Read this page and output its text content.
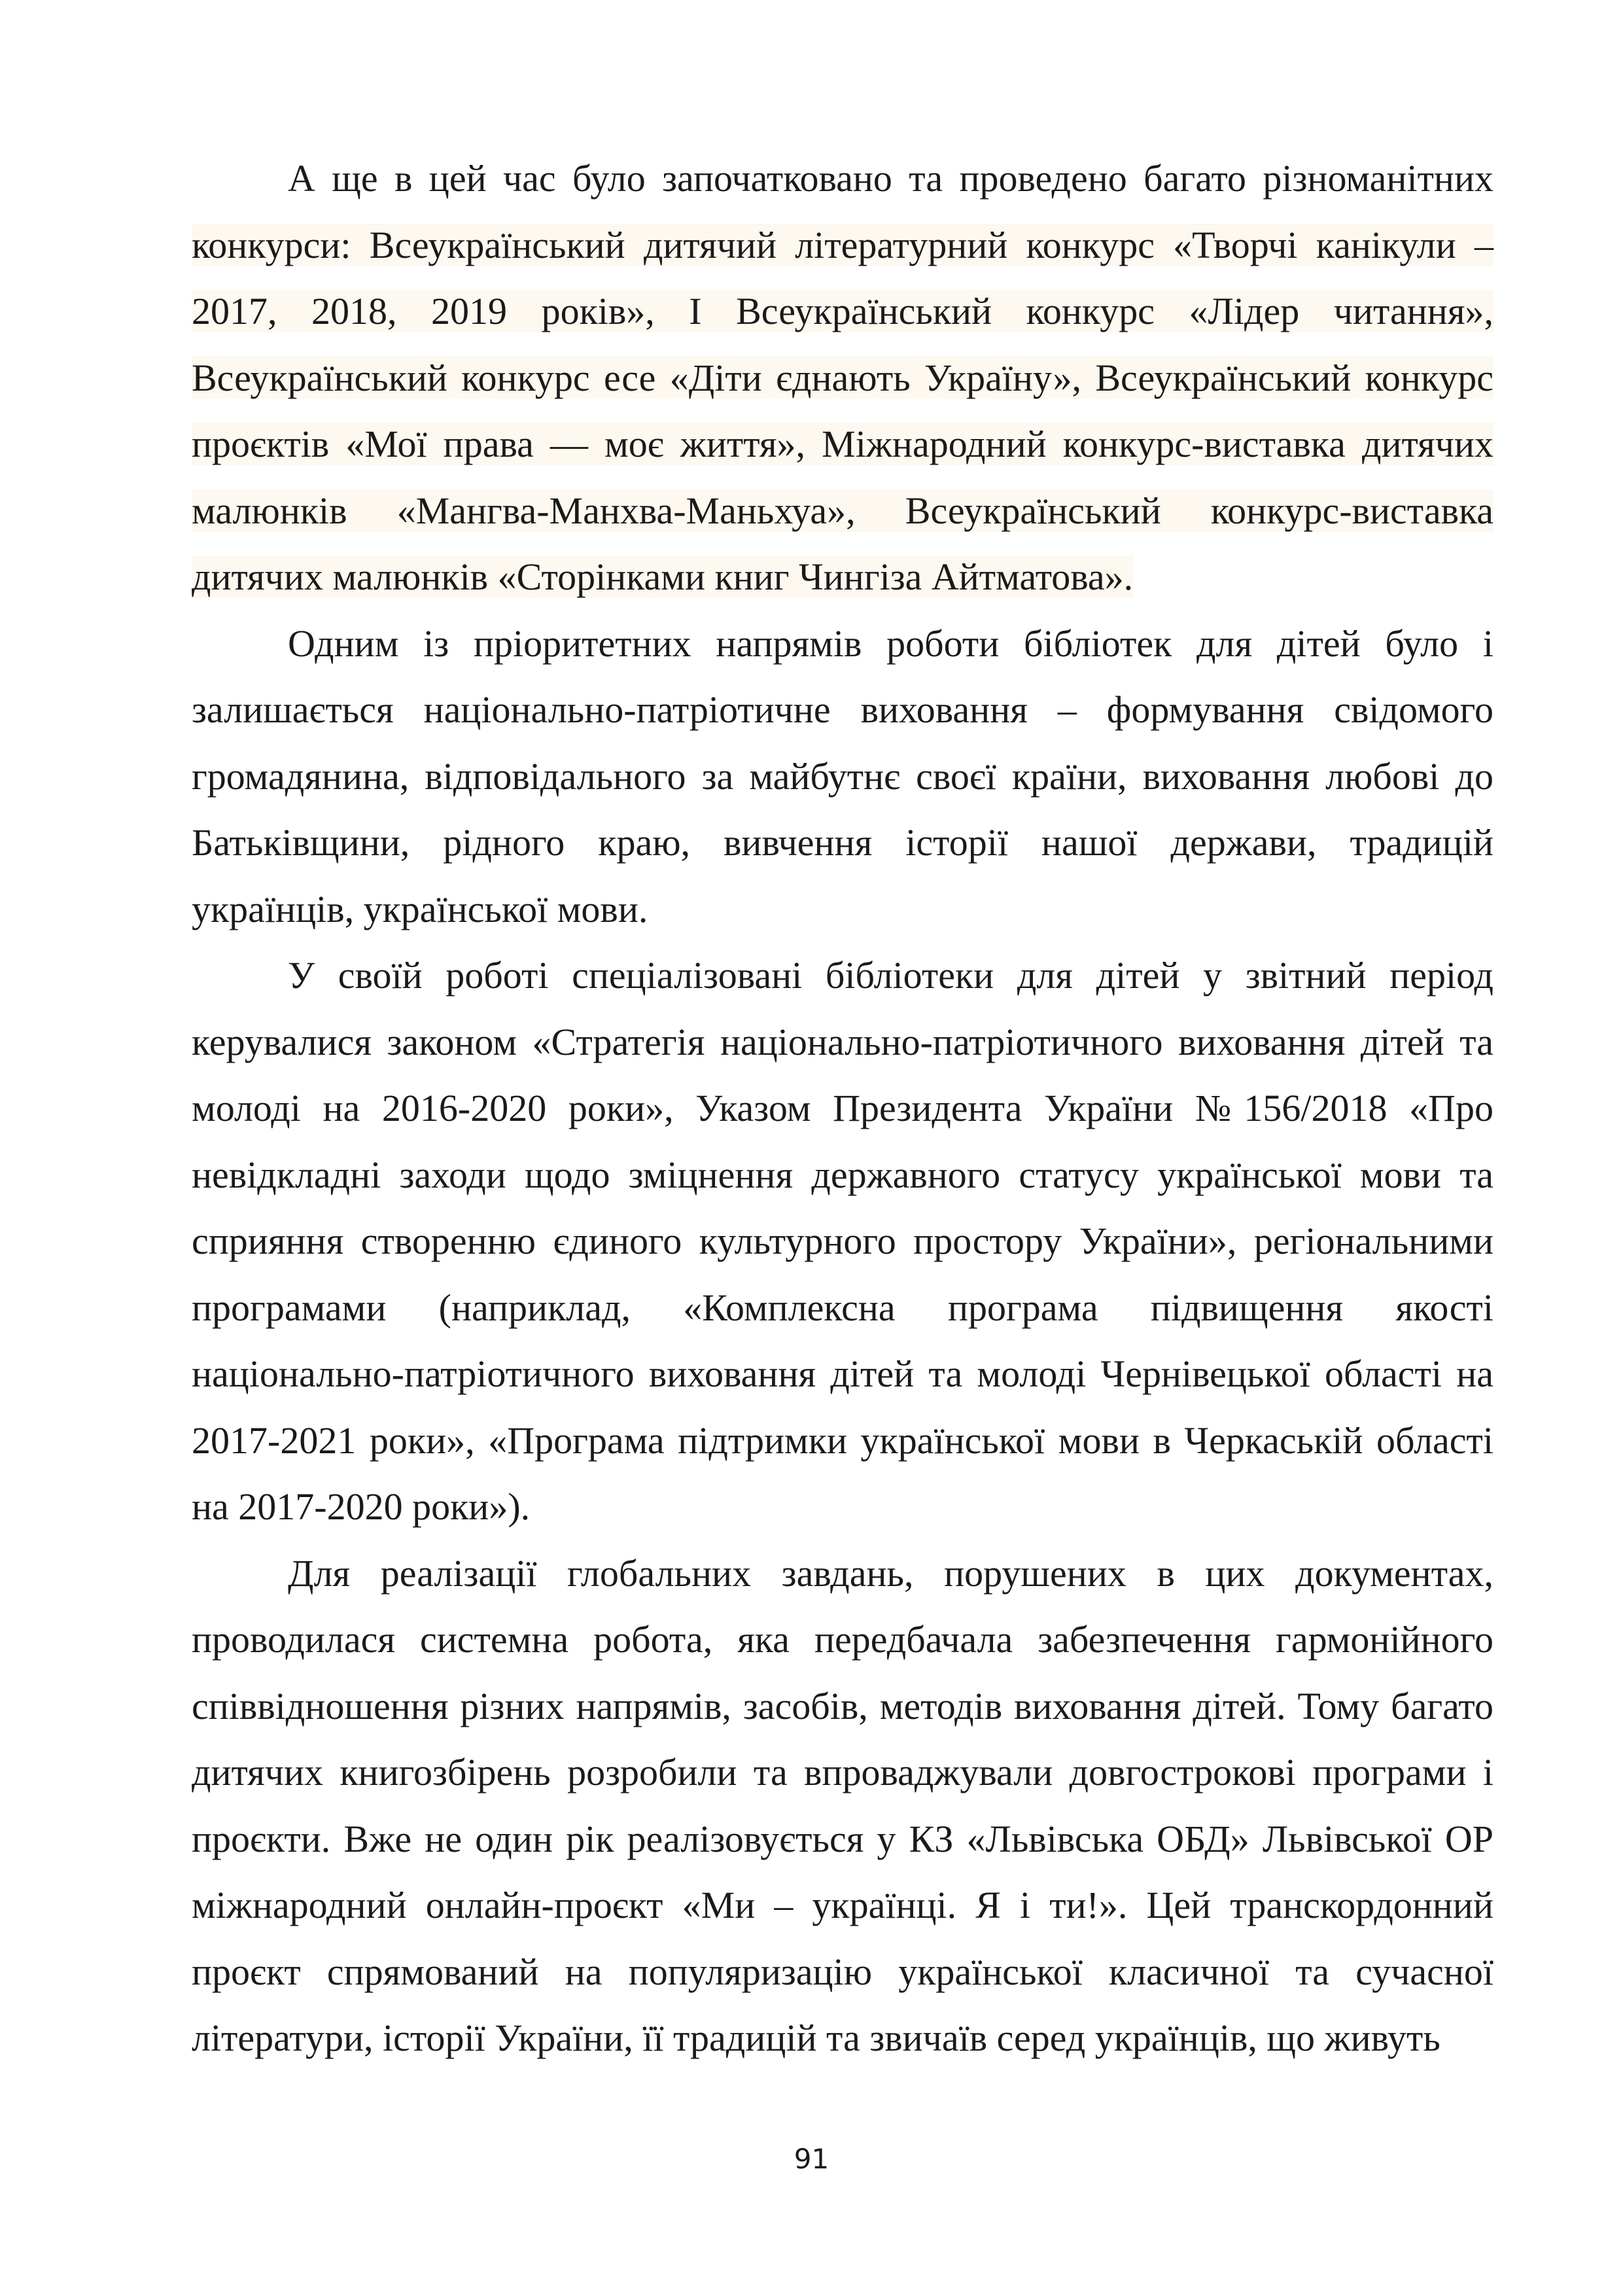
А ще в цей час було започатковано та проведено багато різноманітних конкурси: Всеукраїнський дитячий літературний конкурс «Творчі канікули – 2017, 2018, 2019 років», І Всеукраїнський конкурс «Лідер читання», Всеукраїнський конкурс есе «Діти єднають Україну», Всеукраїнський конкурс проєктів «Мої права — моє життя», Міжнародний конкурс-виставка дитячих малюнків «Мангва-Манхва-Маньхуа», Всеукраїнський конкурс-виставка дитячих малюнків «Сторінками книг Чингіза Айтматова».

Одним із пріоритетних напрямів роботи бібліотек для дітей було і залишається національно-патріотичне виховання – формування свідомого громадянина, відповідального за майбутнє своєї країни, виховання любові до Батьківщини, рідного краю, вивчення історії нашої держави, традицій українців, української мови.

У своїй роботі спеціалізовані бібліотеки для дітей у звітний період керувалися законом «Стратегія національно-патріотичного виховання дітей та молоді на 2016-2020 роки», Указом Президента України №156/2018 «Про невідкладні заходи щодо зміцнення державного статусу української мови та сприяння створенню єдиного культурного простору України», регіональними програмами (наприклад, «Комплексна програма підвищення якості національно-патріотичного виховання дітей та молоді Чернівецької області на 2017-2021 роки», «Програма підтримки української мови в Черкаській області на 2017-2020 роки»).

Для реалізації глобальних завдань, порушених в цих документах, проводилася системна робота, яка передбачала забезпечення гармонійного співвідношення різних напрямів, засобів, методів виховання дітей. Тому багато дитячих книгозбірень розробили та впроваджували довгострокові програми і проєкти. Вже не один рік реалізовується у КЗ «Львівська ОБД» Львівської ОР міжнародний онлайн-проєкт «Ми – українці. Я і ти!». Цей транскордонний проєкт спрямований на популяризацію української класичної та сучасної літератури, історії України, її традицій та звичаїв серед українців, що живуть

91
